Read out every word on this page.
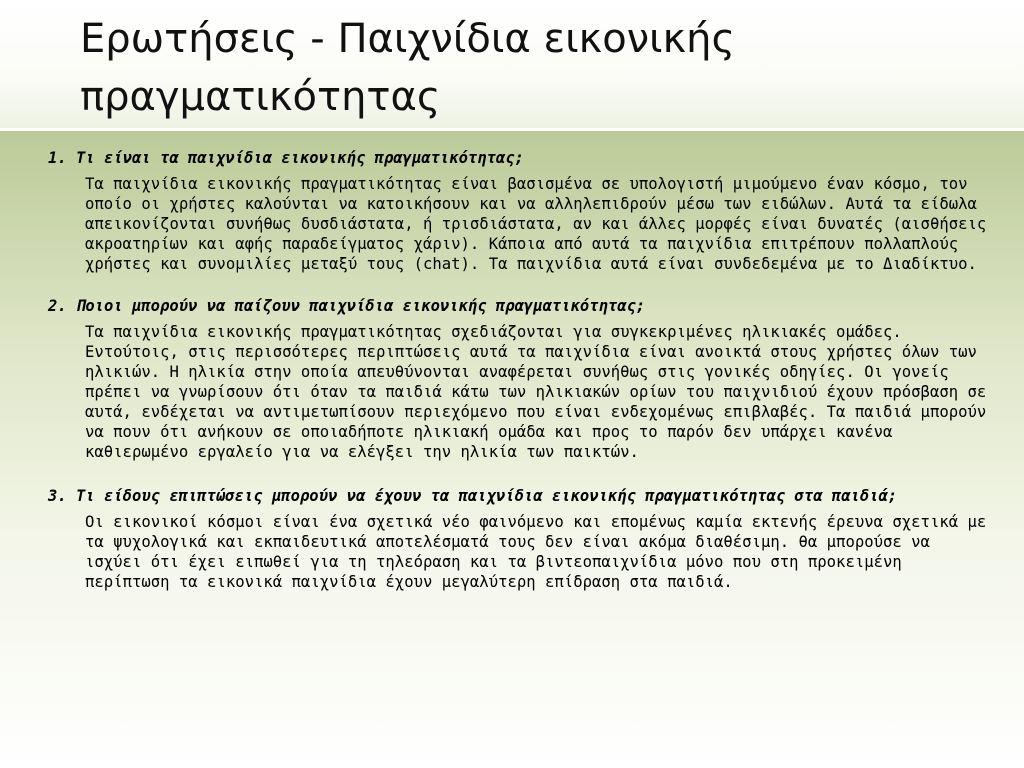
Ερωτήσεις - Παιχνίδια εικονικής πραγματικότητας

1. Τι είναι τα παιχνίδια εικονικής πραγματικότητας;

Τα παιχνίδια εικονικής πραγματικότητας είναι βασισμένα σε υπολογιστή μιμούμενο έναν κόσμο, τον οποίο οι χρήστες καλούνται να κατοικήσουν και να αλληλεπιδρούν μέσω των ειδώλων. Αυτά τα είδωλα απεικονίζονται συνήθως δυσδιάστατα, ή τρισδιάστατα, αν και άλλες μορφές είναι δυνατές (αισθήσεις ακροατηρίων και αφής παραδείγματος χάριν). Κάποια από αυτά τα παιχνίδια επιτρέπουν πολλαπλούς χρήστες και συνομιλίες μεταξύ τους (chat). Τα παιχνίδια αυτά είναι συνδεδεμένα με το Διαδίκτυο.

2. Ποιοι μπορούν να παίζουν παιχνίδια εικονικής πραγματικότητας;

Τα παιχνίδια εικονικής πραγματικότητας σχεδιάζονται για συγκεκριμένες ηλικιακές ομάδες. Εντούτοις, στις περισσότερες περιπτώσεις αυτά τα παιχνίδια είναι ανοικτά στους χρήστες όλων των ηλικιών. Η ηλικία στην οποία απευθύνονται αναφέρεται συνήθως στις γονικές οδηγίες. Οι γονείς πρέπει να γνωρίσουν ότι όταν τα παιδιά κάτω των ηλικιακών ορίων του παιχνιδιού έχουν πρόσβαση σε αυτά, ενδέχεται να αντιμετωπίσουν περιεχόμενο που είναι ενδεχομένως επιβλαβές. Τα παιδιά μπορούν να πουν ότι ανήκουν σε οποιαδήποτε ηλικιακή ομάδα και προς το παρόν δεν υπάρχει κανένα καθιερωμένο εργαλείο για να ελέγξει την ηλικία των παικτών.

3. Τι είδους επιπτώσεις μπορούν να έχουν τα παιχνίδια εικονικής πραγματικότητας στα παιδιά;

Οι εικονικοί κόσμοι είναι ένα σχετικά νέο φαινόμενο και επομένως καμία εκτενής έρευνα σχετικά με τα ψυχολογικά και εκπαιδευτικά αποτελέσματά τους δεν είναι ακόμα διαθέσιμη. θα μπορούσε να ισχύει ότι έχει ειπωθεί για τη τηλεόραση και τα βιντεοπαιχνίδια μόνο που στη προκειμένη περίπτωση τα εικονικά παιχνίδια έχουν μεγαλύτερη επίδραση στα παιδιά.
